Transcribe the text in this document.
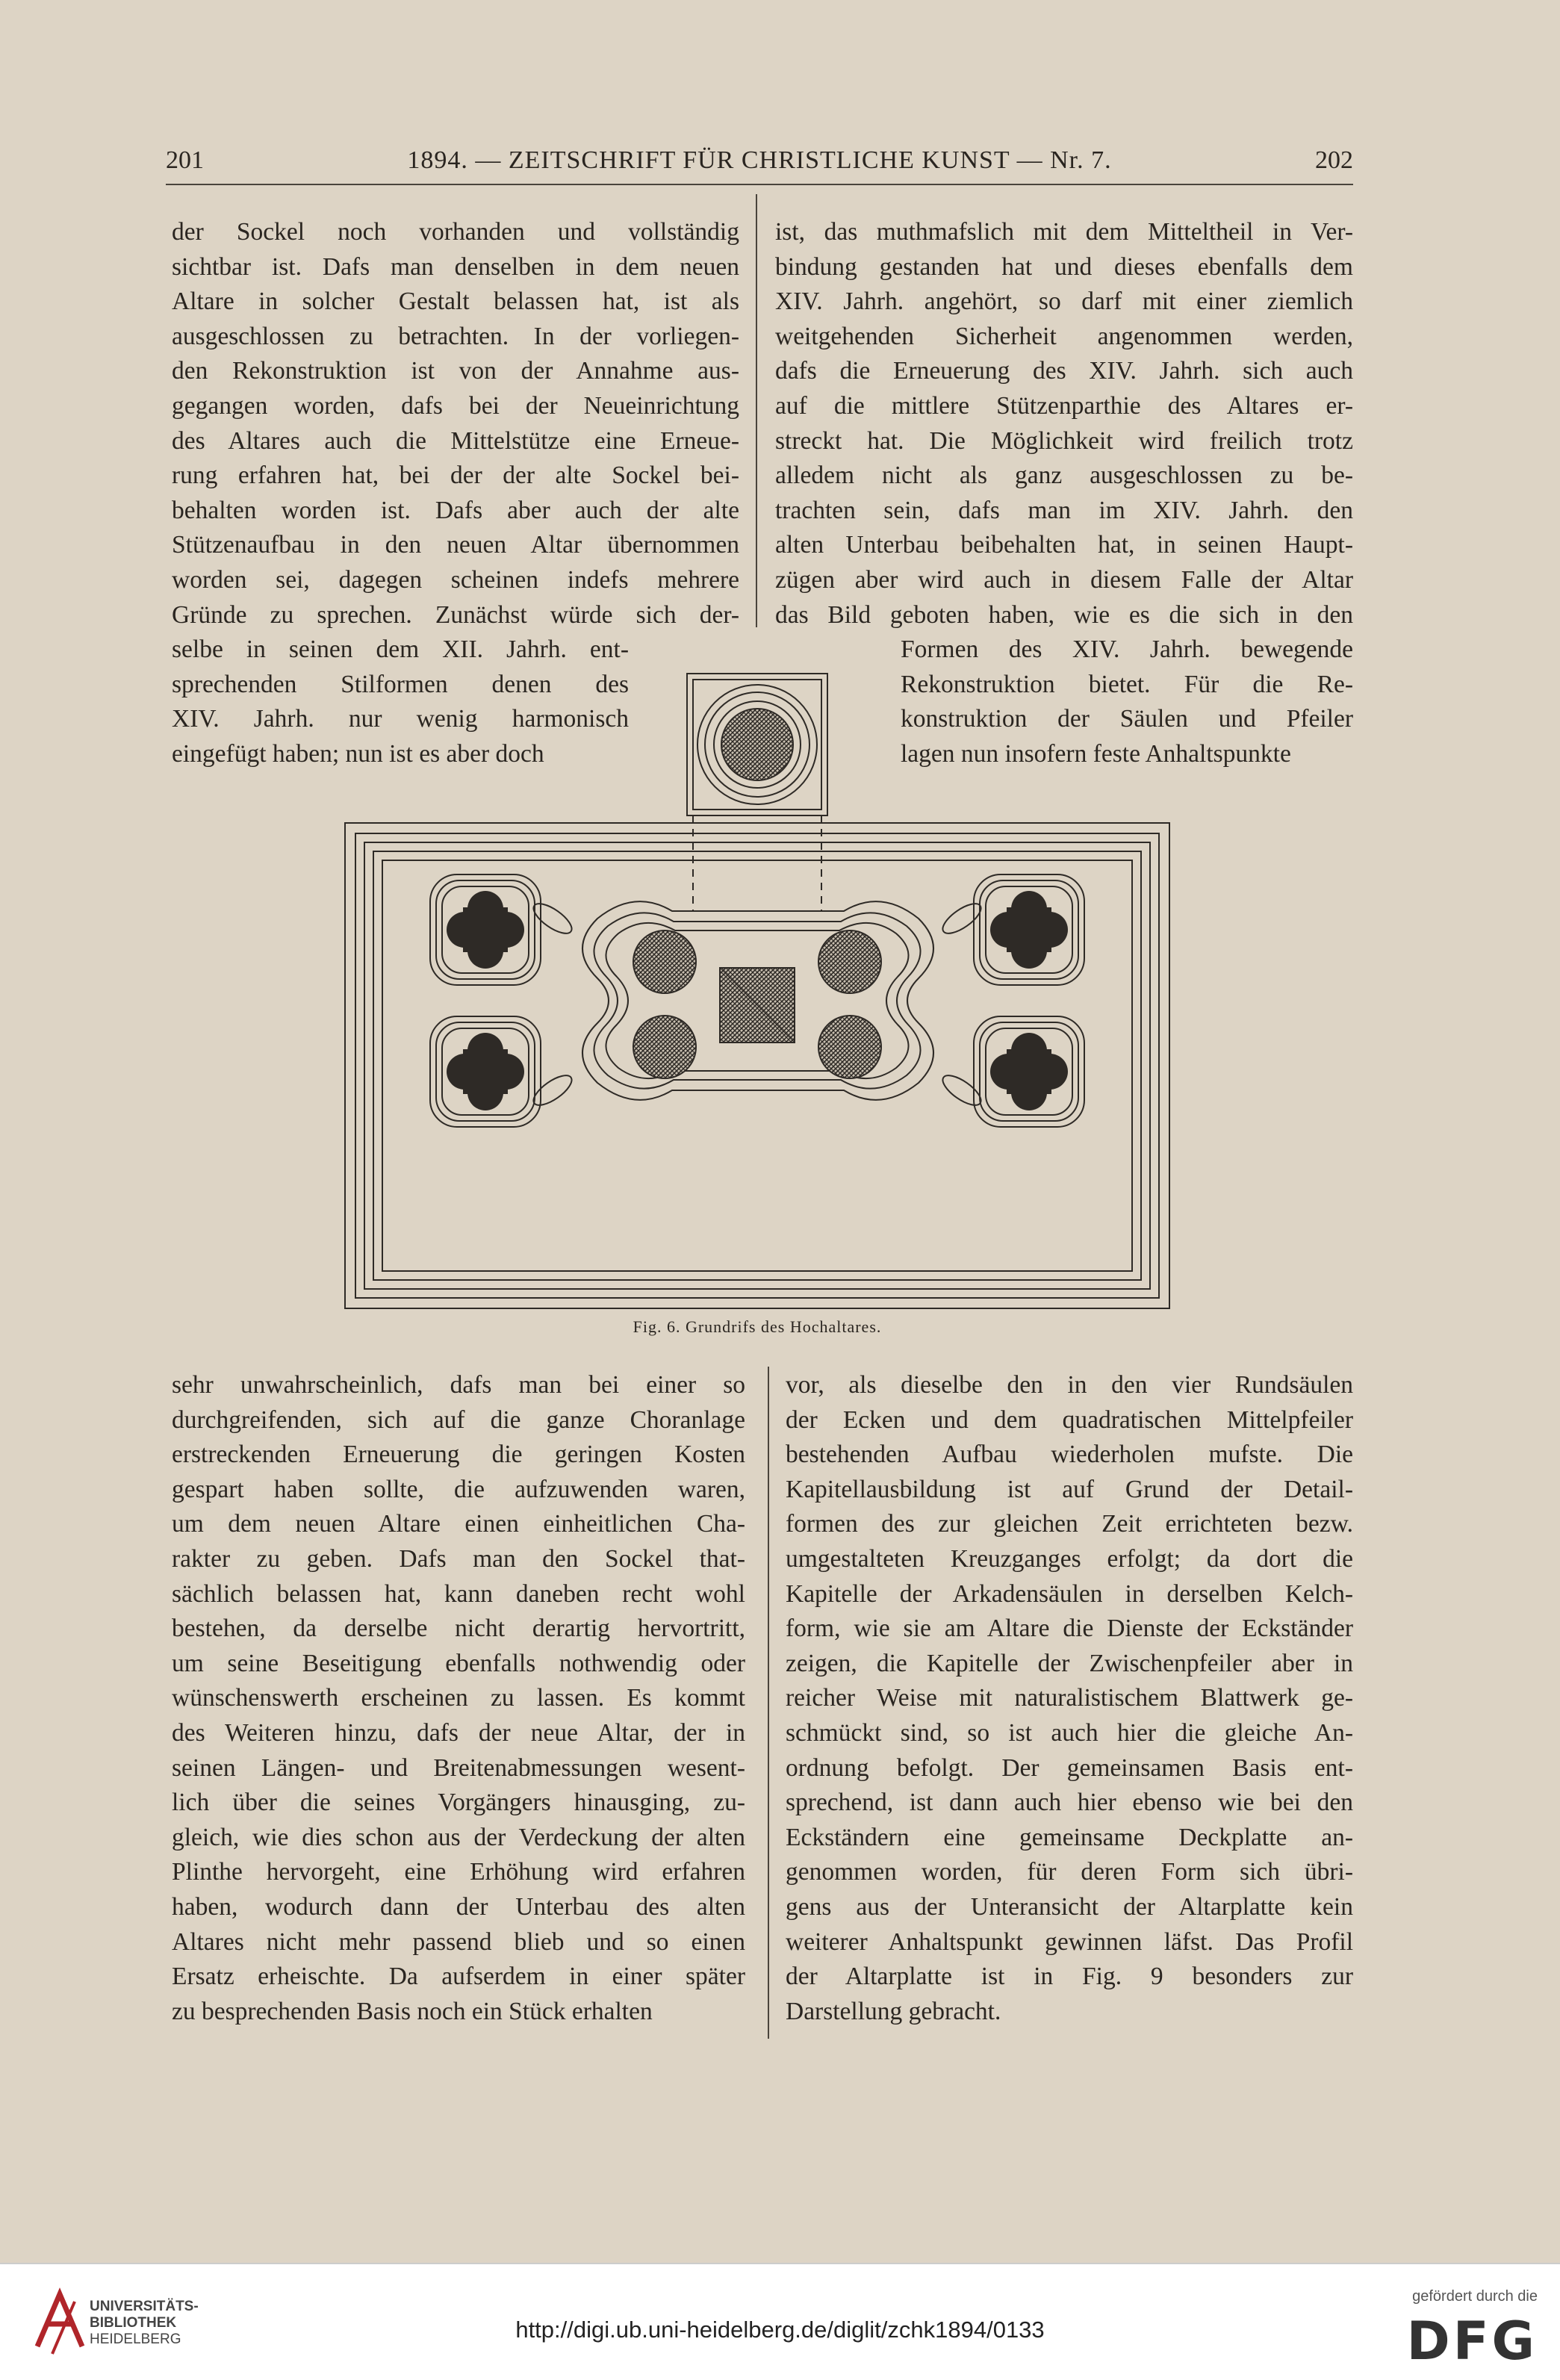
201	1894. — ZEITSCHRIFT FÜR CHRISTLICHE KUNST — Nr. 7.	202

der Sockel noch vorhanden und vollständig

sichtbar ist. Dafs man denselben in dem neuen

Altare in solcher Gestalt belassen hat, ist als

ausgeschlossen zu betrachten. In der vorliegen-

den Rekonstruktion ist von der Annahme aus-

gegangen worden, dafs bei der Neueinrichtung

des Altares auch die Mittelstütze eine Erneue-

rung erfahren hat, bei der der alte Sockel bei-

behalten worden ist. Dafs aber auch der alte

Stützenaufbau in den neuen Altar übernommen

worden sei, dagegen scheinen indefs mehrere

Gründe zu sprechen. Zunächst würde sich der-

selbe in seinen dem XII. Jahrh. ent-

sprechenden Stilformen denen des

XIV. Jahrh. nur wenig harmonisch

eingefügt haben; nun ist es aber doch

ist, das muthmafslich mit dem Mitteltheil in Ver-

bindung gestanden hat und dieses ebenfalls dem

XIV. Jahrh. angehört, so darf mit einer ziemlich

weitgehenden Sicherheit angenommen werden,

dafs die Erneuerung des XIV. Jahrh. sich auch

auf die mittlere Stützenparthie des Altares er-

streckt hat. Die Möglichkeit wird freilich trotz

alledem nicht als ganz ausgeschlossen zu be-

trachten sein, dafs man im XIV. Jahrh. den

alten Unterbau beibehalten hat, in seinen Haupt-

zügen aber wird auch in diesem Falle der Altar

das Bild geboten haben, wie es die sich in den

Formen des XIV. Jahrh. bewegende

Rekonstruktion bietet. Für die Re-

konstruktion der Säulen und Pfeiler

lagen nun insofern feste Anhaltspunkte

Fig. 6. Grundrifs des Hochaltares.

sehr unwahrscheinlich, dafs man bei einer so

durchgreifenden, sich auf die ganze Choranlage

erstreckenden Erneuerung die geringen Kosten

gespart haben sollte, die aufzuwenden waren,

um dem neuen Altare einen einheitlichen Cha-

rakter zu geben. Dafs man den Sockel that-

sächlich belassen hat, kann daneben recht wohl

bestehen, da derselbe nicht derartig hervortritt,

um seine Beseitigung ebenfalls nothwendig oder

wünschenswerth erscheinen zu lassen. Es kommt

des Weiteren hinzu, dafs der neue Altar, der in

seinen Längen- und Breitenabmessungen wesent-

lich über die seines Vorgängers hinausging, zu-

gleich, wie dies schon aus der Verdeckung der alten

Plinthe hervorgeht, eine Erhöhung wird erfahren

haben, wodurch dann der Unterbau des alten

Altares nicht mehr passend blieb und so einen

Ersatz erheischte. Da aufserdem in einer später

zu besprechenden Basis noch ein Stück erhalten

vor, als dieselbe den in den vier Rundsäulen

der Ecken und dem quadratischen Mittelpfeiler

bestehenden Aufbau wiederholen mufste. Die

Kapitellausbildung ist auf Grund der Detail-

formen des zur gleichen Zeit errichteten bezw.

umgestalteten Kreuzganges erfolgt; da dort die

Kapitelle der Arkadensäulen in derselben Kelch-

form, wie sie am Altare die Dienste der Eckständer

zeigen, die Kapitelle der Zwischenpfeiler aber in

reicher Weise mit naturalistischem Blattwerk ge-

schmückt sind, so ist auch hier die gleiche An-

ordnung befolgt. Der gemeinsamen Basis ent-

sprechend, ist dann auch hier ebenso wie bei den

Eckständern eine gemeinsame Deckplatte an-

genommen worden, für deren Form sich übri-

gens aus der Unteransicht der Altarplatte kein

weiterer Anhaltspunkt gewinnen läfst. Das Profil

der Altarplatte ist in Fig. 9 besonders zur

Darstellung gebracht.

UNIVERSITÄTS-
BIBLIOTHEK
HEIDELBERG	http://digi.ub.uni-heidelberg.de/diglit/zchk1894/0133
gefördert durch die
DFG
